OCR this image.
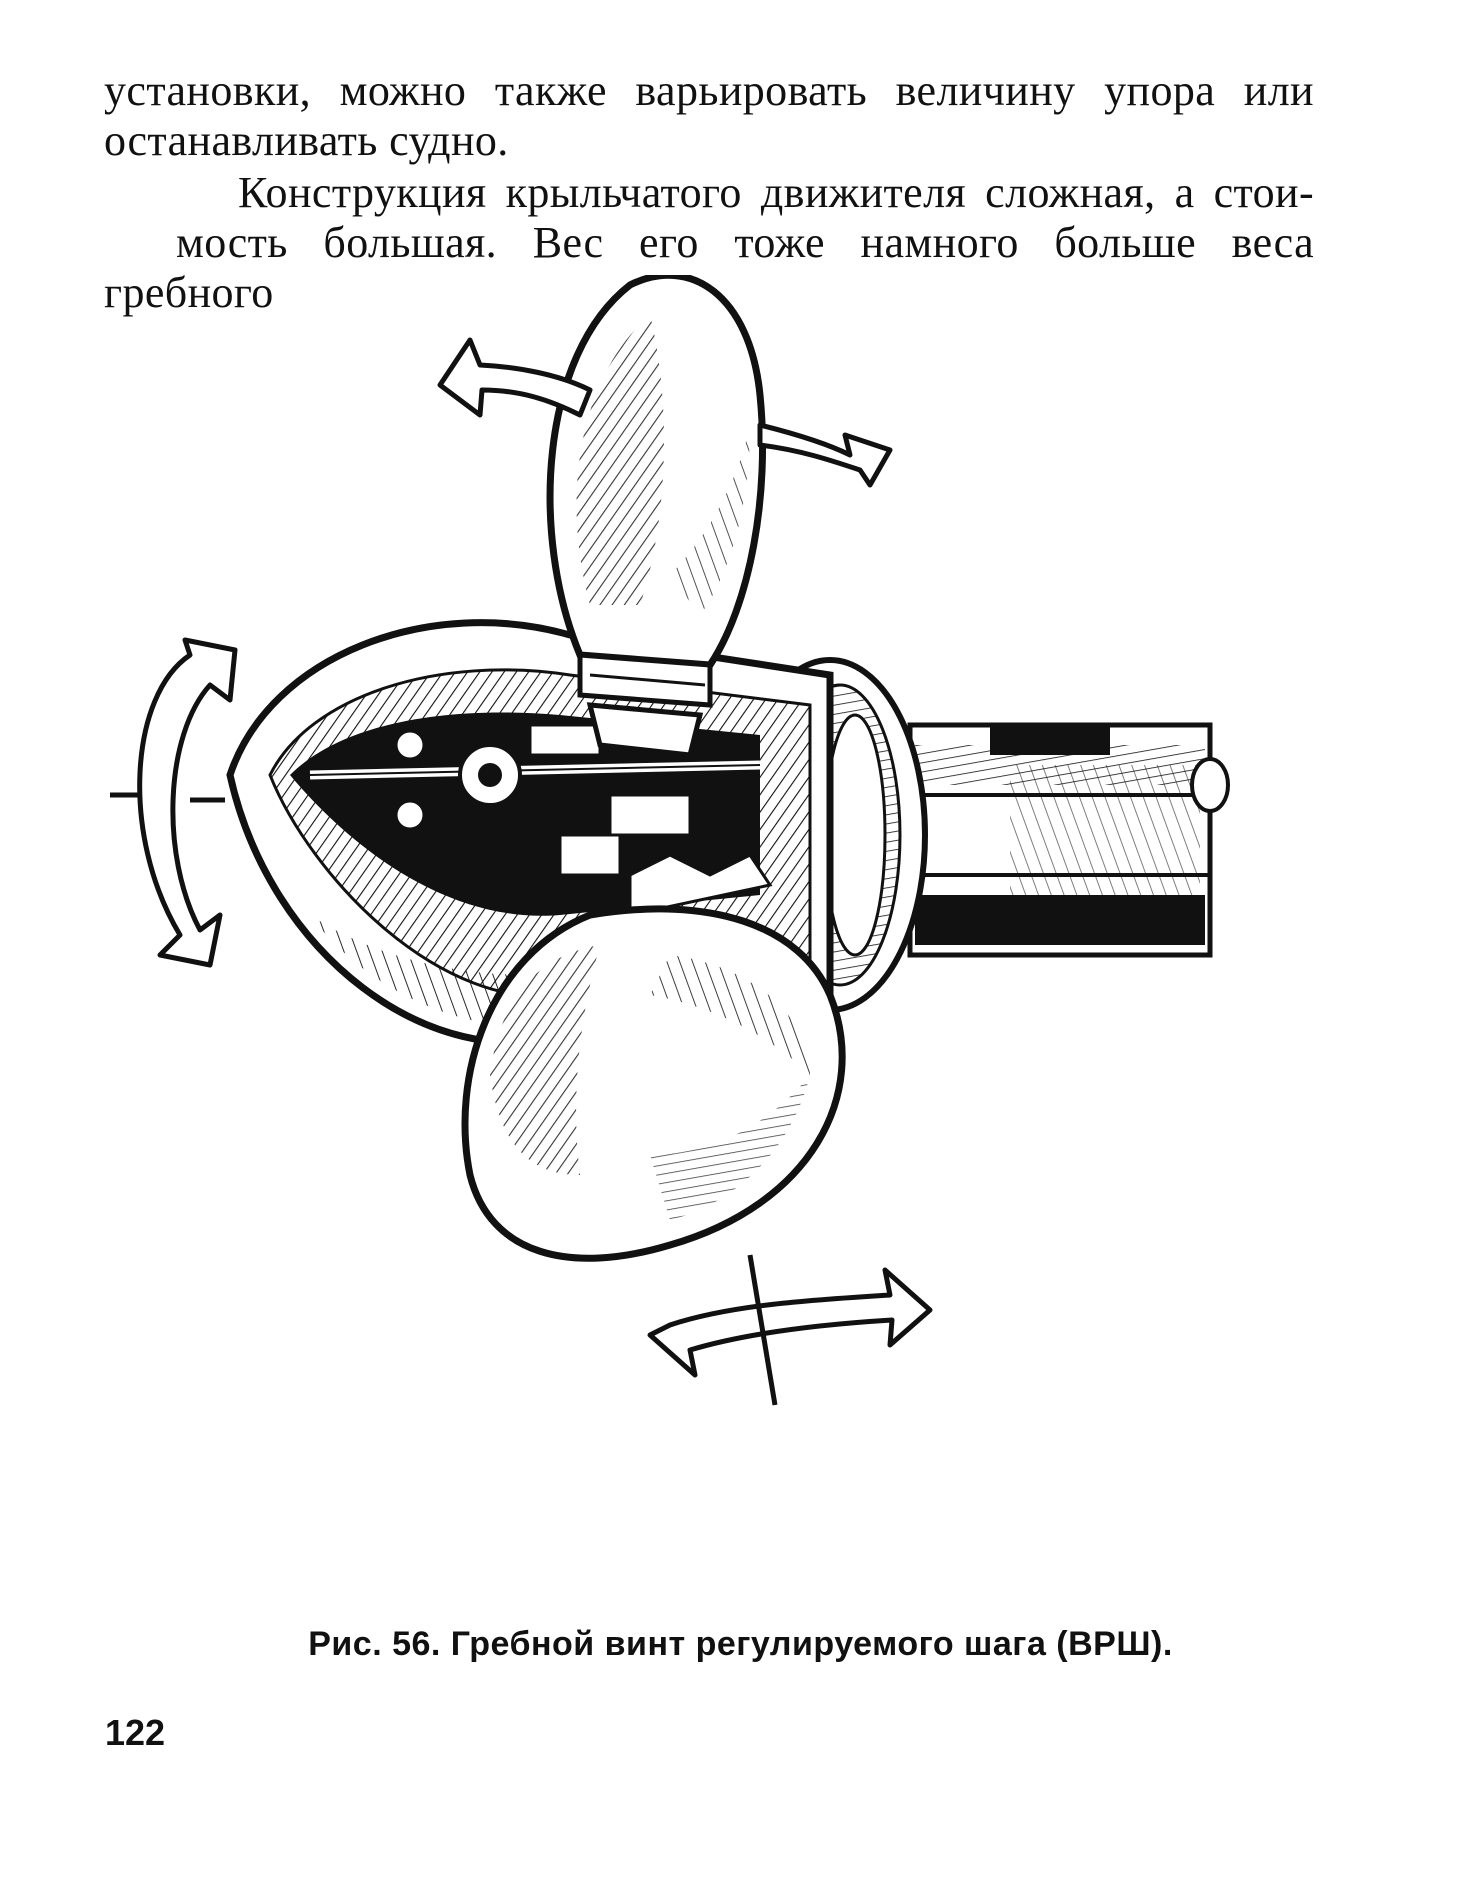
установки, можно также варьировать величину упора или
останавливать судно.
Конструкция крыльчатого движителя сложная, а стои-
мость большая. Вес его тоже намного больше веса гребного
Рис. 56. Гребной винт регулируемого шага (ВРШ).
122
